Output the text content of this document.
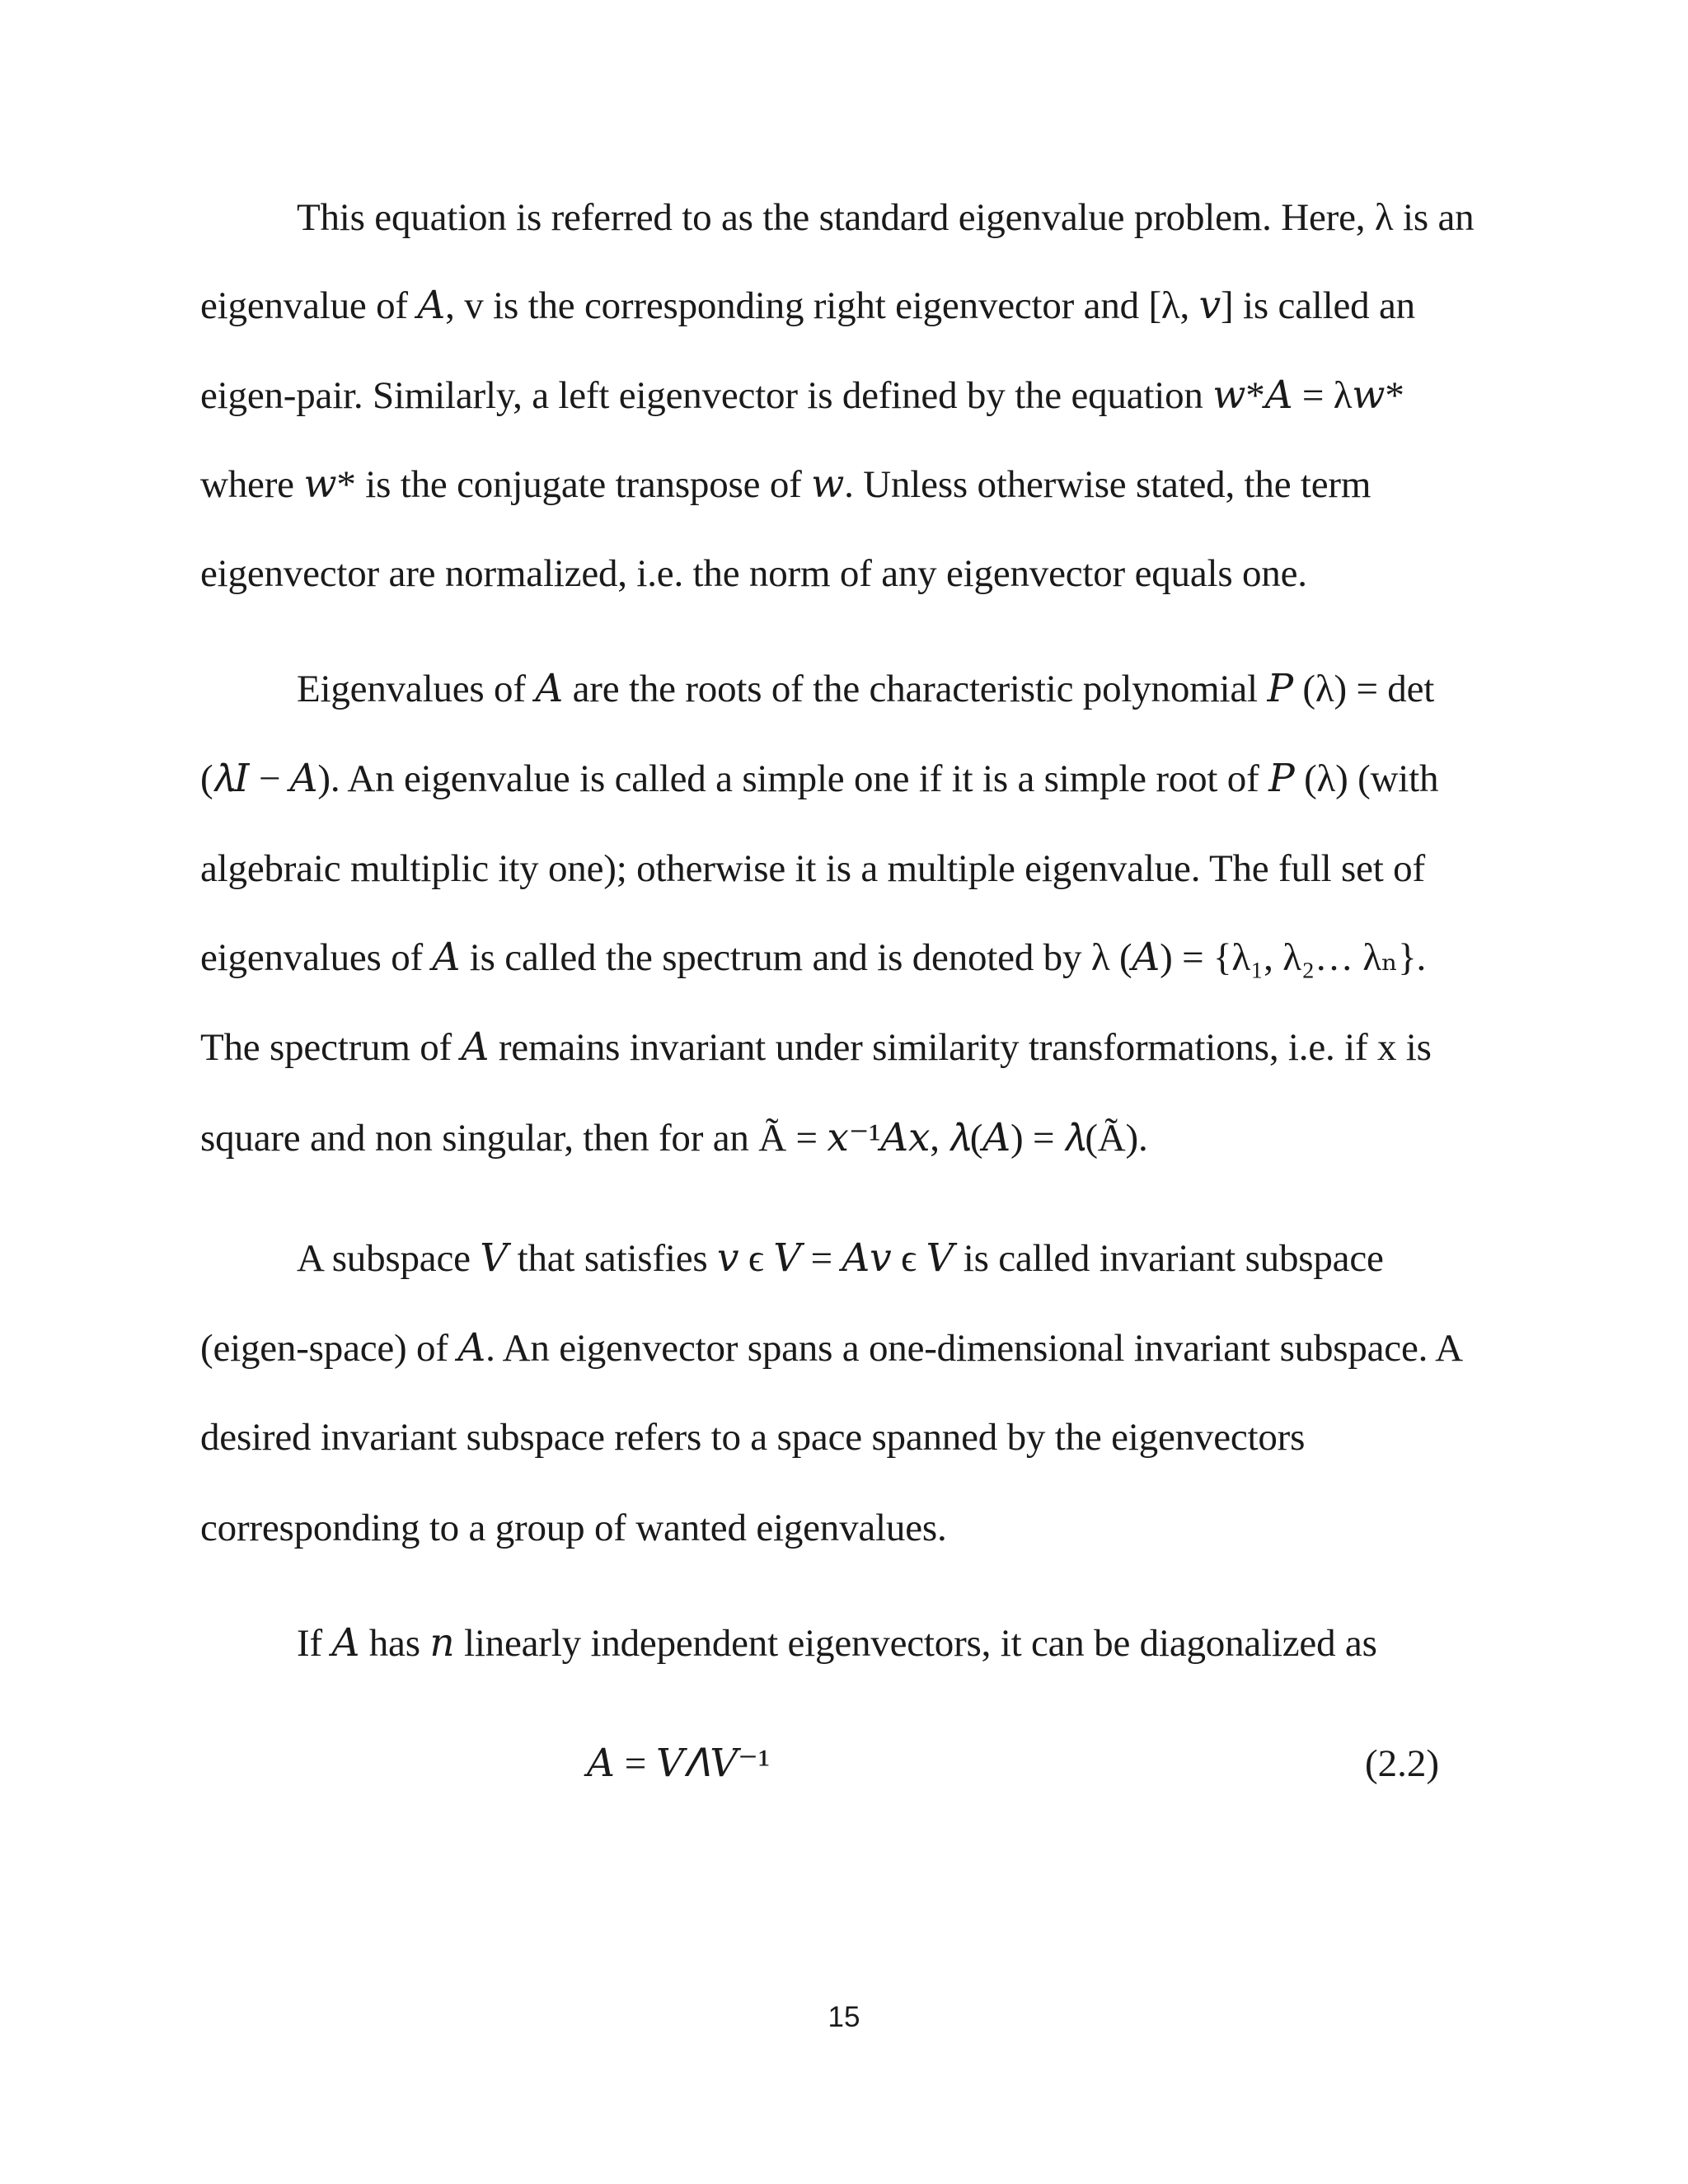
This equation is referred to as the standard eigenvalue problem. Here, λ is an
eigenvalue of 𝐴, v is the corresponding right eigenvector and [λ, 𝑣] is called an
eigen-pair. Similarly, a left eigenvector is defined by the equation 𝑤*𝐴 = λ𝑤*
where 𝑤* is the conjugate transpose of 𝑤. Unless otherwise stated, the term
eigenvector are normalized, i.e. the norm of any eigenvector equals one.
Eigenvalues of 𝐴 are the roots of the characteristic polynomial 𝑃 (λ) = det
(𝜆𝐼 − 𝐴). An eigenvalue is called a simple one if it is a simple root of 𝑃 (λ) (with
algebraic multiplic ity one); otherwise it is a multiple eigenvalue. The full set of
eigenvalues of 𝐴 is called the spectrum and is denoted by λ (𝐴) = {λ₁, λ₂… λₙ}.
The spectrum of 𝐴 remains invariant under similarity transformations, i.e. if x is
square and non singular, then for an Ã = 𝑥⁻¹𝐴𝑥, 𝜆(𝐴) = 𝜆(Ã).
A subspace 𝑉 that satisfies 𝑣 ϵ 𝑉 = 𝐴𝑣 ϵ 𝑉 is called invariant subspace
(eigen-space) of 𝐴. An eigenvector spans a one-dimensional invariant subspace. A
desired invariant subspace refers to a space spanned by the eigenvectors
corresponding to a group of wanted eigenvalues.
If 𝐴 has 𝑛 linearly independent eigenvectors, it can be diagonalized as
𝐴 = 𝑉𝛬𝑉⁻¹	(2.2)
15
